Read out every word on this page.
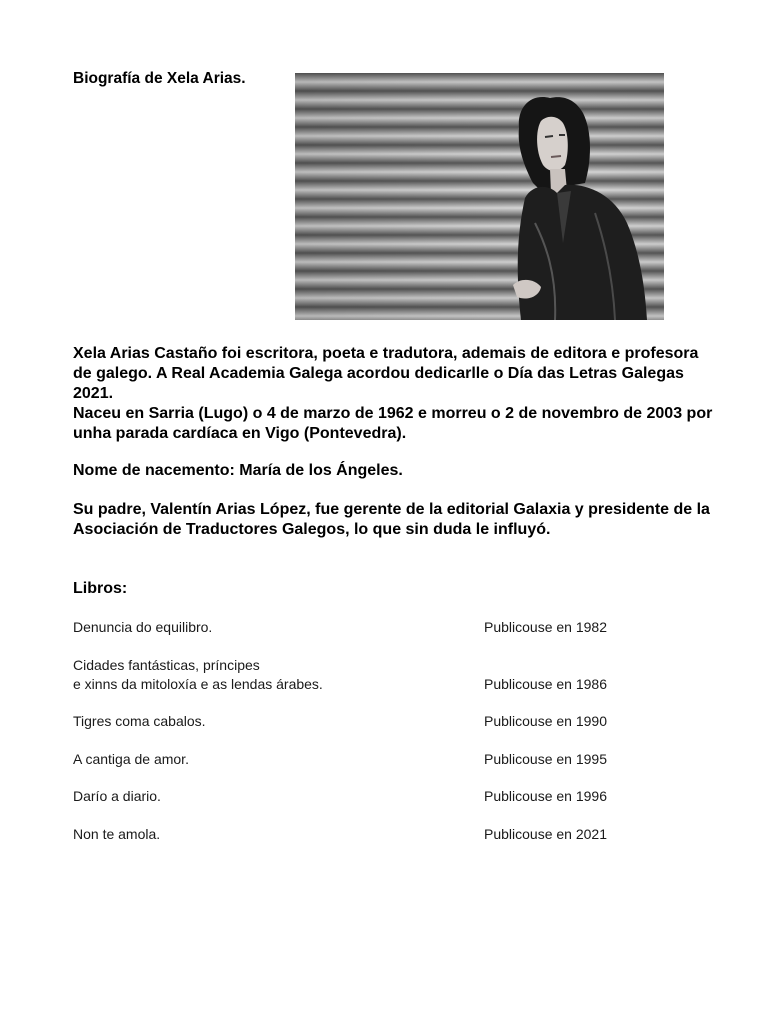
Biografía de Xela Arias.

Xela Arias Castaño foi escritora, poeta e tradutora, ademais de editora e profesora de galego. A Real Academia Galega acordou dedicarlle o Día das Letras Galegas 2021.
Naceu en Sarria (Lugo) o 4 de marzo de 1962 e morreu o 2 de novembro de 2003 por unha parada cardíaca en Vigo (Pontevedra).

Nome de nacemento: María de los Ángeles.

Su padre, Valentín Arias López, fue gerente de la editorial Galaxia y presidente de la Asociación de Traductores Galegos, lo que sin duda le influyó.

Libros:

Denuncia do equilibro.	Publicouse en 1982
Cidades fantásticas, príncipes
e xinns da mitoloxía e as lendas árabes.	Publicouse en 1986
Tigres coma cabalos.	Publicouse en 1990
A cantiga de amor.	Publicouse en 1995
Darío a diario.	Publicouse en 1996
Non te amola.	Publicouse en 2021
